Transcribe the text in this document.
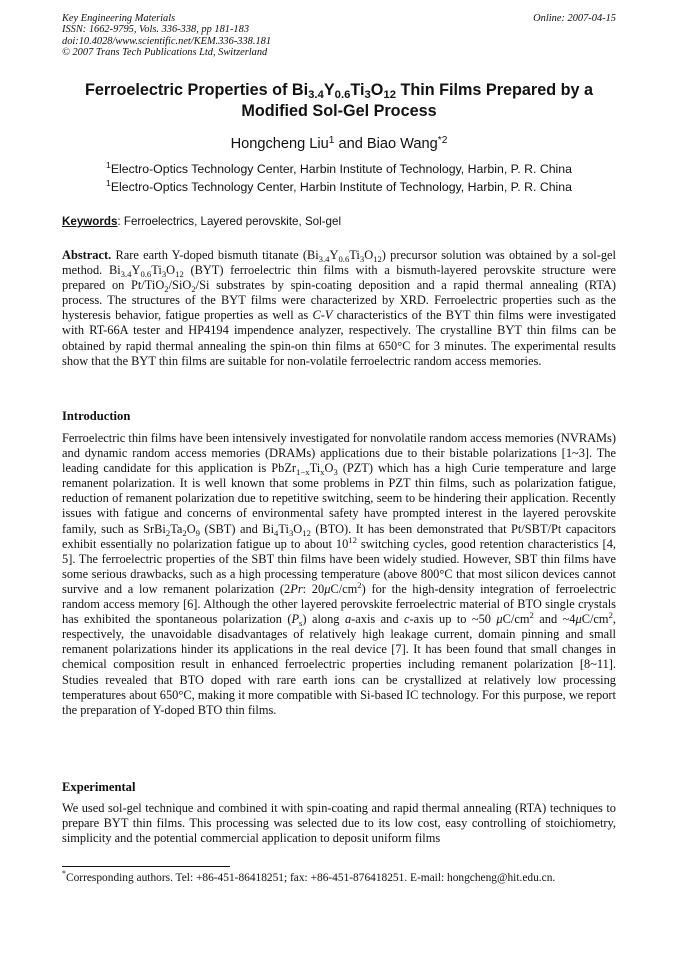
Key Engineering Materials
ISSN: 1662-9795, Vols. 336-338, pp 181-183
doi:10.4028/www.scientific.net/KEM.336-338.181
© 2007 Trans Tech Publications Ltd, Switzerland
Online: 2007-04-15
Ferroelectric Properties of $Bi_{3.4}Y_{0.6}Ti_3O_{12}$ Thin Films Prepared by a Modified Sol-Gel Process
Hongcheng Liu$^1$ and Biao Wang$^{*2}$
$^1$Electro-Optics Technology Center, Harbin Institute of Technology, Harbin, P. R. China
$^1$Electro-Optics Technology Center, Harbin Institute of Technology, Harbin, P. R. China
Keywords: Ferroelectrics, Layered perovskite, Sol-gel
Abstract. Rare earth Y-doped bismuth titanate $(Bi_{3.4}Y_{0.6}Ti_3O_{12})$ precursor solution was obtained by a sol-gel method. $Bi_{3.4}Y_{0.6}Ti_3O_{12}$ (BYT) ferroelectric thin films with a bismuth-layered perovskite structure were prepared on Pt/TiO$_2$/SiO$_2$/Si substrates by spin-coating deposition and a rapid thermal annealing (RTA) process. The structures of the BYT films were characterized by XRD. Ferroelectric properties such as the hysteresis behavior, fatigue properties as well as C-V characteristics of the BYT thin films were investigated with RT-66A tester and HP4194 impendence analyzer, respectively. The crystalline BYT thin films can be obtained by rapid thermal annealing the spin-on thin films at 650°C for 3 minutes. The experimental results show that the BYT thin films are suitable for non-volatile ferroelectric random access memories.
Introduction
Ferroelectric thin films have been intensively investigated for nonvolatile random access memories (NVRAMs) and dynamic random access memories (DRAMs) applications due to their bistable polarizations [1~3]. The leading candidate for this application is $PbZr_{1-x}Ti_xO_3$ (PZT) which has a high Curie temperature and large remanent polarization. It is well known that some problems in PZT thin films, such as polarization fatigue, reduction of remanent polarization due to repetitive switching, seem to be hindering their application. Recently issues with fatigue and concerns of environmental safety have prompted interest in the layered perovskite family, such as $SrBi_2Ta_2O_9$ (SBT) and $Bi_4Ti_3O_{12}$ (BTO). It has been demonstrated that Pt/SBT/Pt capacitors exhibit essentially no polarization fatigue up to about $10^{12}$ switching cycles, good retention characteristics [4, 5]. The ferroelectric properties of the SBT thin films have been widely studied. However, SBT thin films have some serious drawbacks, such as a high processing temperature (above 800°C that most silicon devices cannot survive and a low remanent polarization (2Pr: $20\mu C/cm^2$) for the high-density integration of ferroelectric random access memory [6]. Although the other layered perovskite ferroelectric material of BTO single crystals has exhibited the spontaneous polarization $(P_s)$ along a-axis and c-axis up to ~50 $\mu C/cm^2$ and $\sim 4\mu C/cm^2$, respectively, the unavoidable disadvantages of relatively high leakage current, domain pinning and small remanent polarizations hinder its applications in the real device [7]. It has been found that small changes in chemical composition result in enhanced ferroelectric properties including remanent polarization [8~11]. Studies revealed that BTO doped with rare earth ions can be crystallized at relatively low processing temperatures about 650°C, making it more compatible with Si-based IC technology. For this purpose, we report the preparation of Y-doped BTO thin films.
Experimental
We used sol-gel technique and combined it with spin-coating and rapid thermal annealing (RTA) techniques to prepare BYT thin films. This processing was selected due to its low cost, easy controlling of stoichiometry, simplicity and the potential commercial application to deposit uniform films
*Corresponding authors. Tel: +86-451-86418251; fax: +86-451-876418251. E-mail: hongcheng@hit.edu.cn.
